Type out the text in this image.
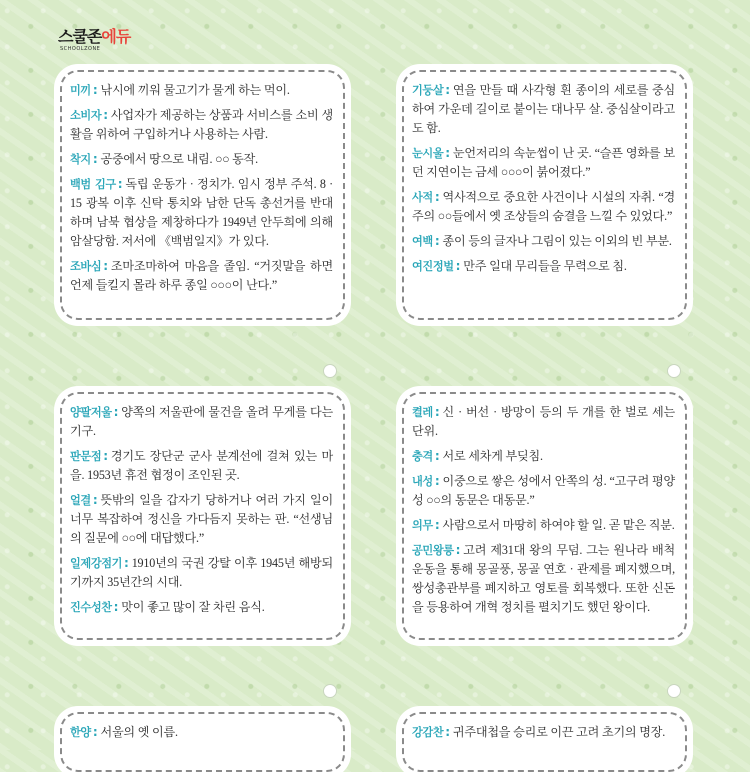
스쿨존에듀
SCHOOLZONE

미끼 : 낚시에 끼워 물고기가 물게 하는 먹이.

소비자 : 사업자가 제공하는 상품과 서비스를 소비 생활을 위하여 구입하거나 사용하는 사람.

착지 : 공중에서 땅으로 내림. ○○ 동작.

백범 김구 : 독립 운동가 · 정치가. 임시 정부 주석. 8 · 15 광복 이후 신탁 통치와 남한 단독 총선거를 반대하며 남북 협상을 제창하다가 1949년 안두희에 의해 암살당함. 저서에 《백범일지》가 있다.

조바심 : 조마조마하여 마음을 졸임. “거짓말을 하면 언제 들킬지 몰라 하루 종일 ○○○이 난다.”

기둥살 : 연을 만들 때 사각형 흰 종이의 세로를 중심하여 가운데 길이로 붙이는 대나무 살. 중심살이라고도 함.

눈시울 : 눈언저리의 속눈썹이 난 곳. “슬픈 영화를 보던 지연이는 금세 ○○○이 붉어졌다.”

사적 : 역사적으로 중요한 사건이나 시설의 자취. “경주의 ○○들에서 옛 조상들의 숨결을 느낄 수 있었다.”

여백 : 종이 등의 글자나 그림이 있는 이외의 빈 부분.

여진정벌 : 만주 일대 무리들을 무력으로 침.

양팔저울 : 양쪽의 저울판에 물건을 올려 무게를 다는 기구.

판문점 : 경기도 장단군 군사 분계선에 걸쳐 있는 마을. 1953년 휴전 협정이 조인된 곳.

얼결 : 뜻밖의 일을 갑자기 당하거나 여러 가지 일이 너무 복잡하여 정신을 가다듬지 못하는 판. “선생님의 질문에 ○○에 대답했다.”

일제강점기 : 1910년의 국권 강탈 이후 1945년 해방되기까지 35년간의 시대.

진수성찬 : 맛이 좋고 많이 잘 차린 음식.

켤레 : 신 · 버선 · 방망이 등의 두 개를 한 벌로 세는 단위.

충격 : 서로 세차게 부딪침.

내성 : 이중으로 쌓은 성에서 안쪽의 성. “고구려 평양성 ○○의 동문은 대동문.”

의무 : 사람으로서 마땅히 하여야 할 일. 곧 맡은 직분.

공민왕릉 : 고려 제31대 왕의 무덤. 그는 원나라 배척 운동을 통해 몽골풍, 몽골 연호 · 관제를 폐지했으며, 쌍성총관부를 폐지하고 영토를 회복했다. 또한 신돈을 등용하여 개혁 정치를 펼치기도 했던 왕이다.

한양 : 서울의 옛 이름.	강감찬 : 귀주대첩을 승리로 이끈 고려 초기의 명장.
